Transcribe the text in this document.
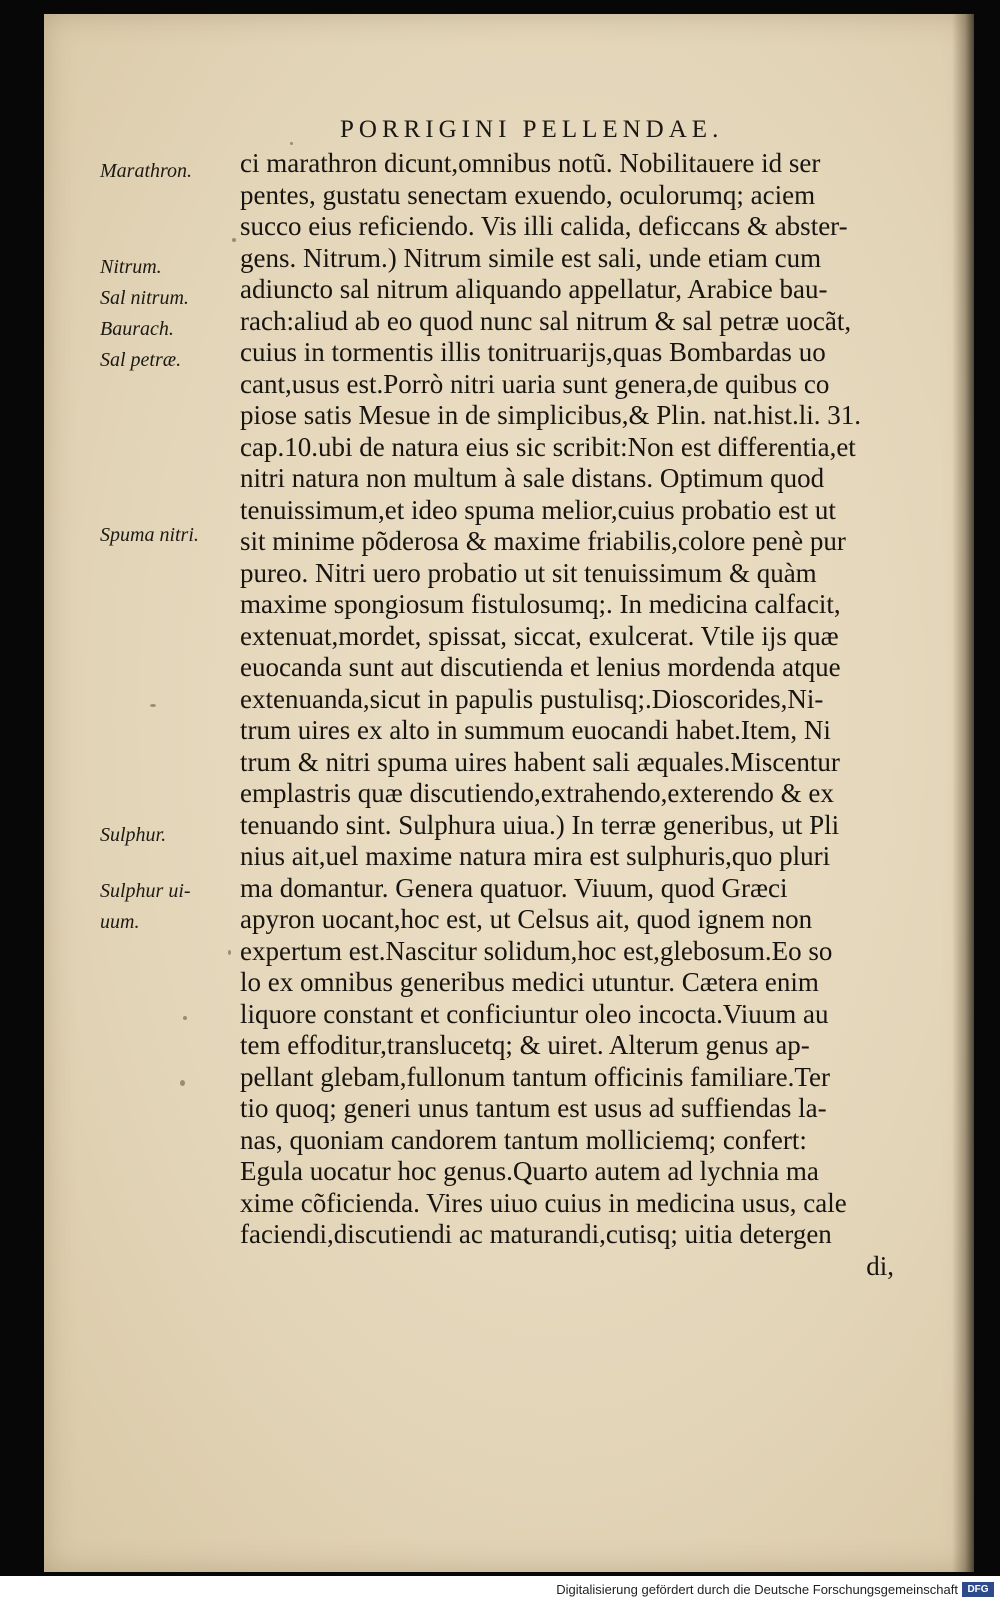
PORRIGINI PELLENDAE.
Marathron.
Nitrum.
Sal nitrum.
Baurach.
Sal petræ.
Spuma nitri.
Sulphur.
Sulphur ui-
uum.
ci marathron dicunt,omnibus notũ. Nobilitauere id ser
pentes, gustatu senectam exuendo, oculorumq; aciem
succo eius reficiendo. Vis illi calida, deficcans & abster-
gens. Nitrum.) Nitrum simile est sali, unde etiam cum
adiuncto sal nitrum aliquando appellatur, Arabice bau-
rach:aliud ab eo quod nunc sal nitrum & sal petræ uocãt,
cuius in tormentis illis tonitruarijs,quas Bombardas uo
cant,usus est.Porrò nitri uaria sunt genera,de quibus co
piose satis Mesue in de simplicibus,& Plin. nat.hist.li. 31.
cap.10.ubi de natura eius sic scribit:Non est differentia,et
nitri natura non multum à sale distans. Optimum quod
tenuissimum,et ideo spuma melior,cuius probatio est ut
sit minime põderosa & maxime friabilis,colore penè pur
pureo. Nitri uero probatio ut sit tenuissimum & quàm
maxime spongiosum fistulosumq;. In medicina calfacit,
extenuat,mordet, spissat, siccat, exulcerat. Vtile ijs quæ
euocanda sunt aut discutienda et lenius mordenda atque
extenuanda,sicut in papulis pustulisq;.Dioscorides,Ni-
trum uires ex alto in summum euocandi habet.Item, Ni
trum & nitri spuma uires habent sali æquales.Miscentur
emplastris quæ discutiendo,extrahendo,exterendo & ex
tenuando sint. Sulphura uiua.) In terræ generibus, ut Pli
nius ait,uel maxime natura mira est sulphuris,quo pluri
ma domantur. Genera quatuor. Viuum, quod Græci
apyron uocant,hoc est, ut Celsus ait, quod ignem non
expertum est.Nascitur solidum,hoc est,glebosum.Eo so
lo ex omnibus generibus medici utuntur. Cætera enim
liquore constant et conficiuntur oleo incocta.Viuum au
tem effoditur,translucetq; & uiret. Alterum genus ap-
pellant glebam,fullonum tantum officinis familiare.Ter
tio quoq; generi unus tantum est usus ad suffiendas la-
nas, quoniam candorem tantum molliciemq; confert:
Egula uocatur hoc genus.Quarto autem ad lychnia ma
xime cõficienda. Vires uiuo cuius in medicina usus, cale
faciendi,discutiendi ac maturandi,cutisq; uitia detergen
di,
Digitalisierung gefördert durch die Deutsche Forschungsgemeinschaft DFG
